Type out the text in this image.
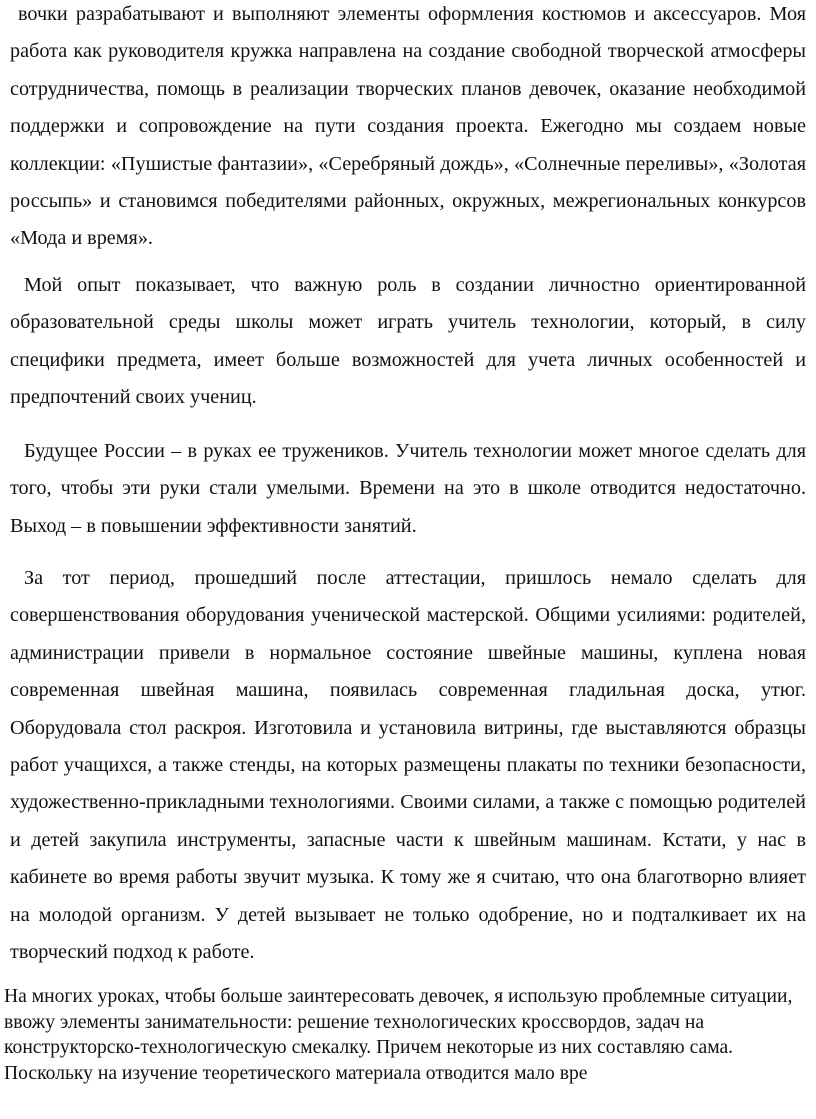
вочки разрабатывают и выполняют элементы оформления костюмов и аксессуаров. Моя работа как руководителя кружка направлена на создание свободной творческой атмосферы сотрудничества, помощь в реализации творческих планов девочек, оказание необходимой поддержки и сопровождение на пути создания проекта. Ежегодно мы создаем новые коллекции: «Пушистые фантазии», «Серебряный дождь», «Солнечные переливы», «Золотая россыпь» и становимся победителями районных, окружных, межрегиональных конкурсов «Мода и время».

Мой опыт показывает, что важную роль в создании личностно ориентированной образовательной среды школы может играть учитель технологии, который, в силу специфики предмета, имеет больше возможностей для учета личных особенностей и предпочтений своих учениц.

Будущее России – в руках ее тружеников. Учитель технологии может многое сделать для того, чтобы эти руки стали умелыми. Времени на это в школе отводится недостаточно. Выход – в повышении эффективности занятий.

За тот период, прошедший после аттестации, пришлось немало сделать для совершенствования оборудования ученической мастерской. Общими усилиями: родителей, администрации привели в нормальное состояние швейные машины, куплена новая современная швейная машина, появилась современная гладильная доска, утюг. Оборудовала стол раскроя. Изготовила и установила витрины, где выставляются образцы работ учащихся, а также стенды, на которых размещены плакаты по техники безопасности, художественно-прикладными технологиями. Своими силами, а также с помощью родителей и детей закупила инструменты, запасные части к швейным машинам. Кстати, у нас в кабинете во время работы звучит музыка. К тому же я считаю, что она благотворно влияет на молодой организм. У детей вызывает не только одобрение, но и подталкивает их на творческий подход к работе.

На многих уроках, чтобы больше заинтересовать девочек, я использую проблемные ситуации, ввожу элементы занимательности: решение технологических кроссвордов, задач на конструкторско-технологическую смекалку. Причем некоторые из них составляю сама. Поскольку на изучение теоретического материала отводится мало вре
